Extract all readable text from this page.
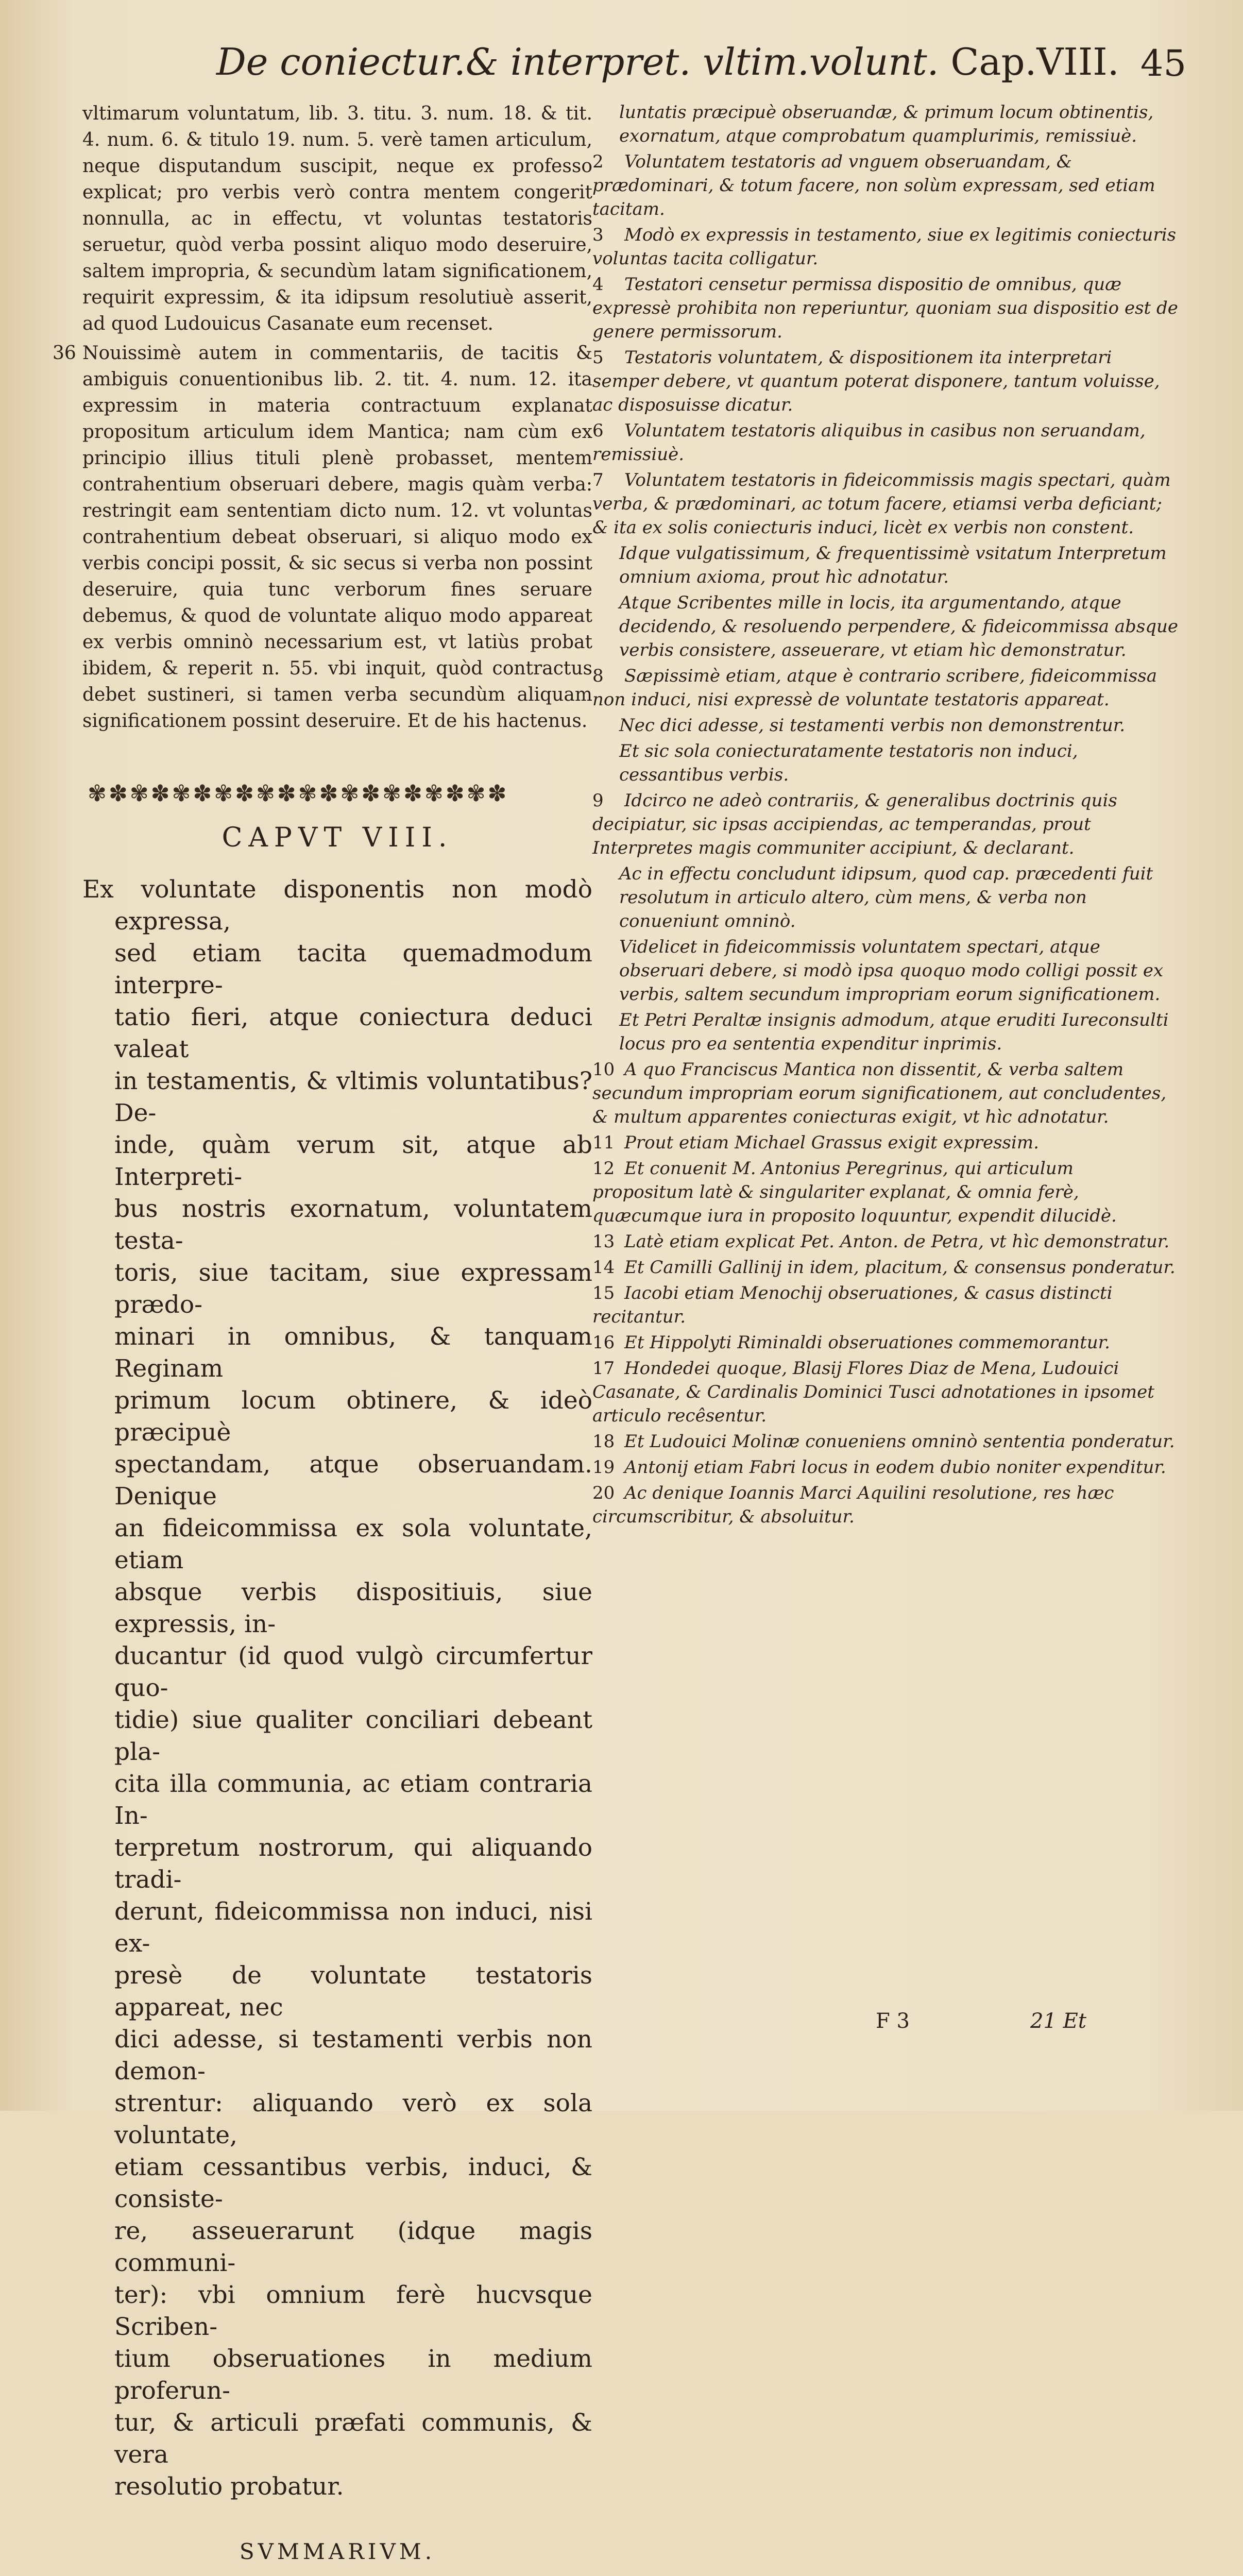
De coniectur.& interpret. vltim.volunt. Cap.VIII. 45

vltimarum voluntatum, lib. 3. titu. 3. num. 18. & tit. 4. num. 6. & titulo 19. num. 5. verè tamen articulum, neque disputandum suscipit, neque ex professo explicat; pro verbis verò contra mentem congerit nonnulla, ac in effectu, vt voluntas testatoris seruetur, quòd verba possint aliquo modo deseruire, saltem impropria, & secundùm latam significationem, requirit expressim, & ita idipsum resolutiuè asserit, ad quod Ludouicus Casanate eum recenset.

36 Nouissimè autem in commentariis, de tacitis & ambiguis conuentionibus lib. 2. tit. 4. num. 12. ita expressim in materia contractuum explanat propositum articulum idem Mantica; nam cùm ex principio illius tituli plenè probasset, mentem contrahentium obseruari debere, magis quàm verba: restringit eam sententiam dicto num. 12. vt voluntas contrahentium debeat obseruari, si aliquo modo ex verbis concipi possit, & sic secus si verba non possint deseruire, quia tunc verborum fines seruare debemus, & quod de voluntate aliquo modo appareat ex verbis omninò necessarium est, vt latiùs probat ibidem, & reperit n. 55. vbi inquit, quòd contractus debet sustineri, si tamen verba secundùm aliquam significationem possint deseruire. Et de his hactenus.

✾✽✾✽✾✽✾✽✾✽✾✽✾✽✾✽✾✽✾✽
CAPVT VIII.
Ex voluntate disponentis non modò expressa,
sed etiam tacita quemadmodum interpre-
tatio fieri, atque coniectura deduci valeat
in testamentis, & vltimis voluntatibus? De-
inde, quàm verum sit, atque ab Interpreti-
bus nostris exornatum, voluntatem testa-
toris, siue tacitam, siue expressam prædo-
minari in omnibus, & tanquam Reginam
primum locum obtinere, & ideò præcipuè
spectandam, atque obseruandam. Denique
an fideicommissa ex sola voluntate, etiam
absque verbis dispositiuis, siue expressis, in-
ducantur (id quod vulgò circumfertur quo-
tidie) siue qualiter conciliari debeant pla-
cita illa communia, ac etiam contraria In-
terpretum nostrorum, qui aliquando tradi-
derunt, fideicommissa non induci, nisi ex-
presè de voluntate testatoris appareat, nec
dici adesse, si testamenti verbis non demon-
strentur: aliquando verò ex sola voluntate,
etiam cessantibus verbis, induci, & consiste-
re, asseuerarunt (idque magis communi-
ter): vbi omnium ferè hucvsque Scriben-
tium obseruationes in medium proferun-
tur, & articuli præfati communis, & vera
resolutio probatur.
SVMMARIVM.
luntatis præcipuè obseruandæ, & primum locum obtinentis, exornatum, atque comprobatum quamplurimis, remissiuè.
2 Voluntatem testatoris ad vnguem obseruandam, & prædominari, & totum facere, non solùm expressam, sed etiam tacitam.
3 Modò ex expressis in testamento, siue ex legitimis coniecturis voluntas tacita colligatur.
4 Testatori censetur permissa dispositio de omnibus, quæ expressè prohibita non reperiuntur, quoniam sua dispositio est de genere permissorum.
5 Testatoris voluntatem, & dispositionem ita interpretari semper debere, vt quantum poterat disponere, tantum voluisse, ac disposuisse dicatur.
6 Voluntatem testatoris aliquibus in casibus non seruandam, remissiuè.
7 Voluntatem testatoris in fideicommissis magis spectari, quàm verba, & prædominari, ac totum facere, etiamsi verba deficiant; & ita ex solis coniecturis induci, licèt ex verbis non constent.
Idque vulgatissimum, & frequentissimè vsitatum Interpretum omnium axioma, prout hìc adnotatur.
Atque Scribentes mille in locis, ita argumentando, atque decidendo, & resoluendo perpendere, & fideicommissa absque verbis consistere, asseuerare, vt etiam hìc demonstratur.
8 Sæpissimè etiam, atque è contrario scribere, fideicommissa non induci, nisi expressè de voluntate testatoris appareat.
Nec dici adesse, si testamenti verbis non demonstrentur.
Et sic sola coniecturatamente testatoris non induci, cessantibus verbis.
9 Idcirco ne adeò contrariis, & generalibus doctrinis quis decipiatur, sic ipsas accipiendas, ac temperandas, prout Interpretes magis communiter accipiunt, & declarant.
Ac in effectu concludunt idipsum, quod cap. præcedenti fuit resolutum in articulo altero, cùm mens, & verba non conueniunt omninò.
Videlicet in fideicommissis voluntatem spectari, atque obseruari debere, si modò ipsa quoquo modo colligi possit ex verbis, saltem secundum impropriam eorum significationem.
Et Petri Peraltæ insignis admodum, atque eruditi Iureconsulti locus pro ea sententia expenditur inprimis.
10 A quo Franciscus Mantica non dissentit, & verba saltem secundum impropriam eorum significationem, aut concludentes, & multum apparentes coniecturas exigit, vt hìc adnotatur.
11 Prout etiam Michael Grassus exigit expressim.
12 Et conuenit M. Antonius Peregrinus, qui articulum propositum latè & singulariter explanat, & omnia ferè, quæcumque iura in proposito loquuntur, expendit dilucidè.
13 Latè etiam explicat Pet. Anton. de Petra, vt hìc demonstratur.
14 Et Camilli Gallinij in idem, placitum, & consensus ponderatur.
15 Iacobi etiam Menochij obseruationes, & casus distincti recitantur.
16 Et Hippolyti Riminaldi obseruationes commemorantur.
17 Hondedei quoque, Blasij Flores Diaz de Mena, Ludouici Casanate, & Cardinalis Dominici Tusci adnotationes in ipsomet articulo recêsentur.
18 Et Ludouici Molinæ conueniens omninò sententia ponderatur.
19 Antonij etiam Fabri locus in eodem dubio noniter expenditur.
20 Ac denique Ioannis Marci Aquilini resolutione, res hæc circumscribitur, & absoluitur.
F 3	21 Et
